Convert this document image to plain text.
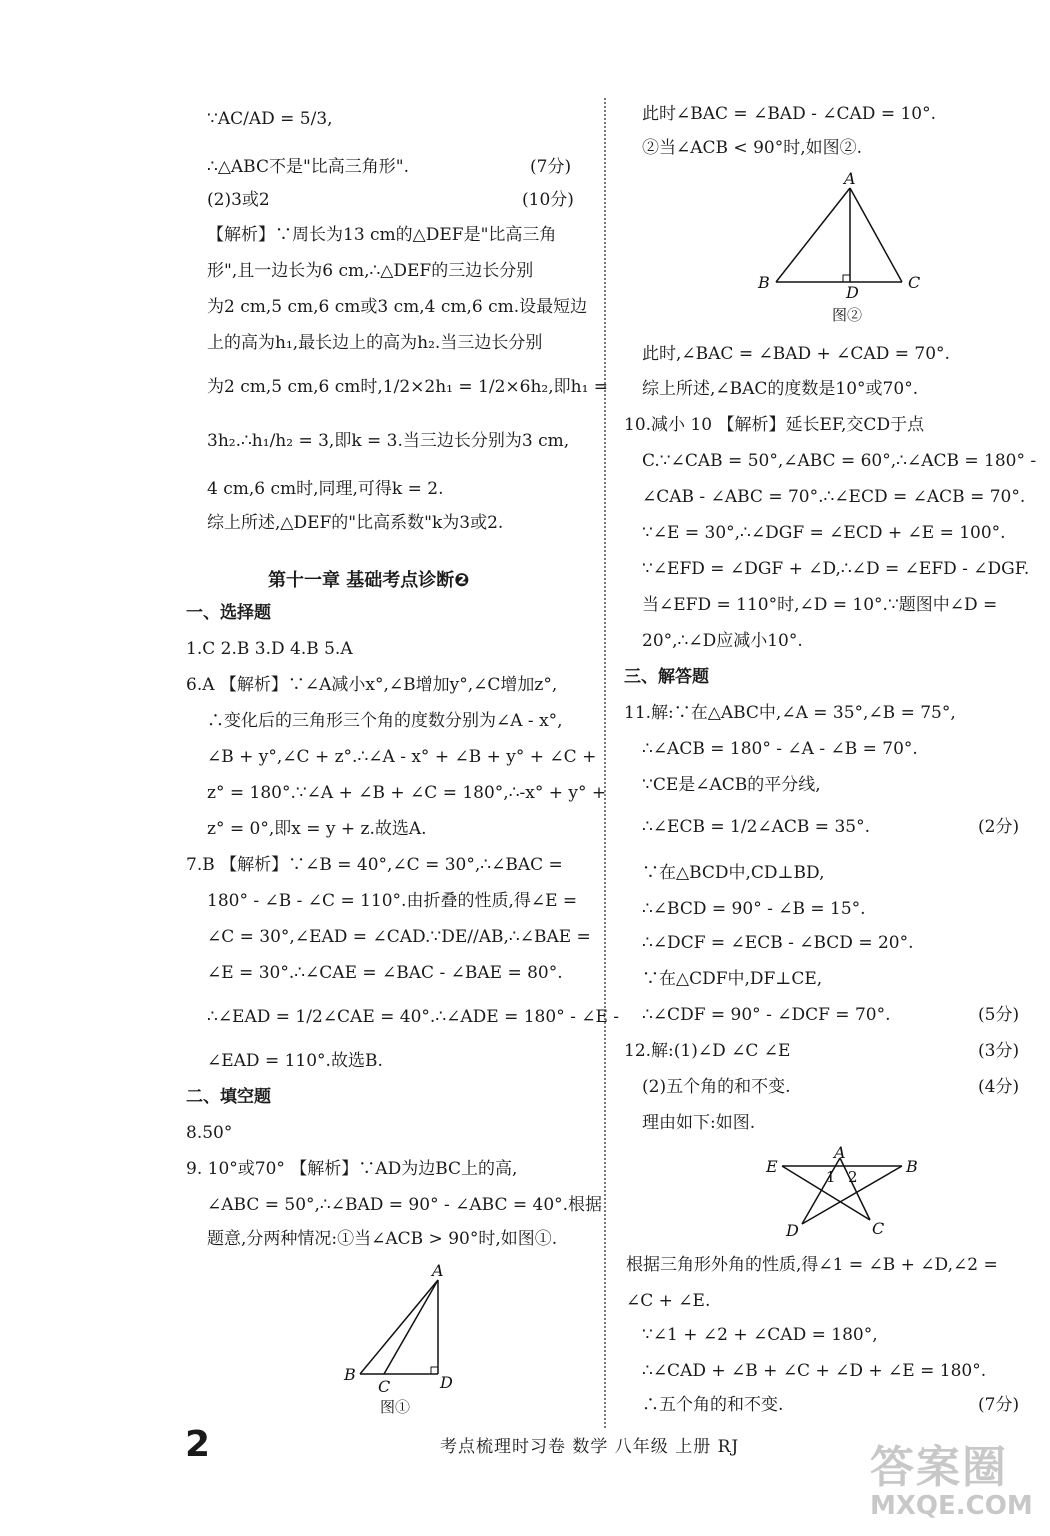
∵AC/AD = 5/3,
∴△ABC不是"比高三角形".	(7分)
(2)3或2	(10分)
【解析】∵周长为13 cm的△DEF是"比高三角
形",且一边长为6 cm,∴△DEF的三边长分别
为2 cm,5 cm,6 cm或3 cm,4 cm,6 cm.设最短边
上的高为h₁,最长边上的高为h₂.当三边长分别
为2 cm,5 cm,6 cm时,1/2×2h₁ = 1/2×6h₂,即h₁ =
3h₂.∴h₁/h₂ = 3,即k = 3.当三边长分别为3 cm,
4 cm,6 cm时,同理,可得k = 2.
综上所述,△DEF的"比高系数"k为3或2.
第十一章 基础考点诊断❷
一、选择题
1.C 2.B 3.D 4.B 5.A
6.A 【解析】∵∠A减小x°,∠B增加y°,∠C增加z°,
∴变化后的三角形三个角的度数分别为∠A - x°,
∠B + y°,∠C + z°.∴∠A - x° + ∠B + y° + ∠C +
z° = 180°.∵∠A + ∠B + ∠C = 180°,∴-x° + y° +
z° = 0°,即x = y + z.故选A.
7.B 【解析】∵∠B = 40°,∠C = 30°,∴∠BAC =
180° - ∠B - ∠C = 110°.由折叠的性质,得∠E =
∠C = 30°,∠EAD = ∠CAD.∵DE//AB,∴∠BAE =
∠E = 30°.∴∠CAE = ∠BAC - ∠BAE = 80°.
∴∠EAD = 1/2∠CAE = 40°.∴∠ADE = 180° - ∠E -
∠EAD = 110°.故选B.
二、填空题
8.50°
9. 10°或70° 【解析】∵AD为边BC上的高,
∠ABC = 50°,∴∠BAD = 90° - ∠ABC = 40°.根据
题意,分两种情况:①当∠ACB > 90°时,如图①.
A
B
C	D
图①
此时∠BAC = ∠BAD - ∠CAD = 10°.
②当∠ACB < 90°时,如图②.
A
B	C
D
图②
此时,∠BAC = ∠BAD + ∠CAD = 70°.
综上所述,∠BAC的度数是10°或70°.
10.减小 10 【解析】延长EF,交CD于点
C.∵∠CAB = 50°,∠ABC = 60°,∴∠ACB = 180° -
∠CAB - ∠ABC = 70°.∴∠ECD = ∠ACB = 70°.
∵∠E = 30°,∴∠DGF = ∠ECD + ∠E = 100°.
∵∠EFD = ∠DGF + ∠D,∴∠D = ∠EFD - ∠DGF.
当∠EFD = 110°时,∠D = 10°.∵题图中∠D =
20°,∴∠D应减小10°.
三、解答题
11.解:∵在△ABC中,∠A = 35°,∠B = 75°,
∴∠ACB = 180° - ∠A - ∠B = 70°.
∵CE是∠ACB的平分线,
∴∠ECB = 1/2∠ACB = 35°.	(2分)
∵在△BCD中,CD⊥BD,
∴∠BCD = 90° - ∠B = 15°.
∴∠DCF = ∠ECB - ∠BCD = 20°.
∵在△CDF中,DF⊥CE,
∴∠CDF = 90° - ∠DCF = 70°.	(5分)
12.解:(1)∠D ∠C ∠E	(3分)
(2)五个角的和不变.	(4分)
理由如下:如图.
A
B
C
D
E
1 2
根据三角形外角的性质,得∠1 = ∠B + ∠D,∠2 =
∠C + ∠E.
∵∠1 + ∠2 + ∠CAD = 180°,
∴∠CAD + ∠B + ∠C + ∠D + ∠E = 180°.
∴五个角的和不变.	(7分)
2	考点梳理时习卷 数学 八年级 上册 RJ	答案圈
MXQE.COM
